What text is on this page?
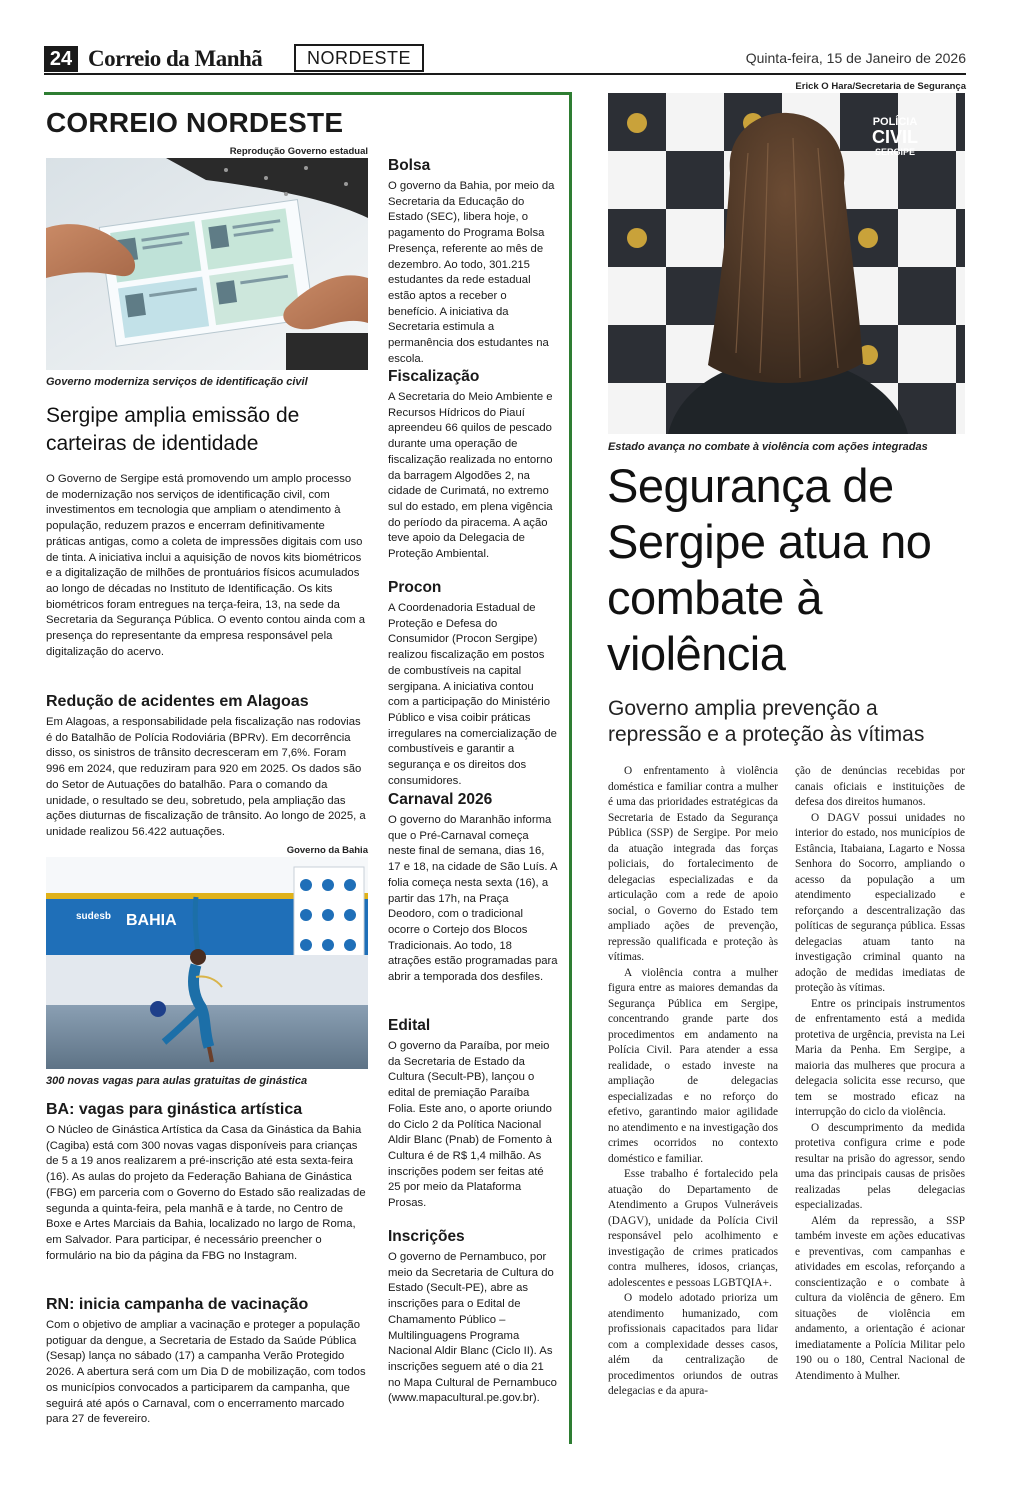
24 Correio da Manhã	NORDESTE	Quinta-feira, 15 de Janeiro de 2026
CORREIO NORDESTE
Reprodução Governo estadual
Governo moderniza serviços de identificação civil
Sergipe amplia emissão de carteiras de identidade

O Governo de Sergipe está promovendo um amplo processo de modernização nos serviços de identificação civil, com investimentos em tecnologia que ampliam o atendimento à população, reduzem prazos e encerram definitivamente práticas antigas, como a coleta de impressões digitais com uso de tinta. A iniciativa inclui a aquisição de novos kits biométricos e a digitalização de milhões de prontuários físicos acumulados ao longo de décadas no Instituto de Identificação. Os kits biométricos foram entregues na terça-feira, 13, na sede da Secretaria da Segurança Pública. O evento contou ainda com a presença do representante da empresa responsável pela digitalização do acervo.

Redução de acidentes em Alagoas

Em Alagoas, a responsabilidade pela fiscalização nas rodovias é do Batalhão de Polícia Rodoviária (BPRv). Em decorrência disso, os sinistros de trânsito decresceram em 7,6%. Foram 996 em 2024, que reduziram para 920 em 2025. Os dados são do Setor de Autuações do batalhão. Para o comando da unidade, o resultado se deu, sobretudo, pela ampliação das ações diuturnas de fiscalização de trânsito. Ao longo de 2025, a unidade realizou 56.422 autuações.

Governo da Bahia
BAHIA
sudesb
300 novas vagas para aulas gratuitas de ginástica
BA: vagas para ginástica artística

O Núcleo de Ginástica Artística da Casa da Ginástica da Bahia (Cagiba) está com 300 novas vagas disponíveis para crianças de 5 a 19 anos realizarem a pré-inscrição até esta sexta-feira (16). As aulas do projeto da Federação Bahiana de Ginástica (FBG) em parceria com o Governo do Estado são realizadas de segunda a quinta-feira, pela manhã e à tarde, no Centro de Boxe e Artes Marciais da Bahia, localizado no largo de Roma, em Salvador. Para participar, é necessário preencher o formulário na bio da página da FBG no Instagram.

RN: inicia campanha de vacinação

Com o objetivo de ampliar a vacinação e proteger a população potiguar da dengue, a Secretaria de Estado da Saúde Pública (Sesap) lança no sábado (17) a campanha Verão Protegido 2026. A abertura será com um Dia D de mobilização, com todos os municípios convocados a participarem da campanha, que seguirá até após o Carnaval, com o encerramento marcado para 27 de fevereiro.

Bolsa

O governo da Bahia, por meio da Secretaria da Educação do Estado (SEC), libera hoje, o pagamento do Programa Bolsa Presença, referente ao mês de dezembro. Ao todo, 301.215 estudantes da rede estadual estão aptos a receber o benefício. A iniciativa da Secretaria estimula a permanência dos estudantes na escola.

Fiscalização

A Secretaria do Meio Ambiente e Recursos Hídricos do Piauí apreendeu 66 quilos de pescado durante uma operação de fiscalização realizada no entorno da barragem Algodões 2, na cidade de Curimatá, no extremo sul do estado, em plena vigência do período da piracema. A ação teve apoio da Delegacia de Proteção Ambiental.

Procon

A Coordenadoria Estadual de Proteção e Defesa do Consumidor (Procon Sergipe) realizou fiscalização em postos de combustíveis na capital sergipana. A iniciativa contou com a participação do Ministério Público e visa coibir práticas irregulares na comercialização de combustíveis e garantir a segurança e os direitos dos consumidores.

Carnaval 2026

O governo do Maranhão informa que o Pré-Carnaval começa neste final de semana, dias 16, 17 e 18, na cidade de São Luís. A folia começa nesta sexta (16), a partir das 17h, na Praça Deodoro, com o tradicional ocorre o Cortejo dos Blocos Tradicionais. Ao todo, 18 atrações estão programadas para abrir a temporada dos desfiles.

Edital

O governo da Paraíba, por meio da Secretaria de Estado da Cultura (Secult-PB), lançou o edital de premiação Paraíba Folia. Este ano, o aporte oriundo do Ciclo 2 da Política Nacional Aldir Blanc (Pnab) de Fomento à Cultura é de R$ 1,4 milhão. As inscrições podem ser feitas até 25 por meio da Plataforma Prosas.

Inscrições

O governo de Pernambuco, por meio da Secretaria de Cultura do Estado (Secult-PE), abre as inscrições para o Edital de Chamamento Público – Multilinguagens Programa Nacional Aldir Blanc (Ciclo II). As inscrições seguem até o dia 21 no Mapa Cultural de Pernambuco (www.mapacultural.pe.gov.br).

Erick O Hara/Secretaria de Segurança
POLÍCIA
CIVIL
SERGIPE
Estado avança no combate à violência com ações integradas
Segurança de Sergipe atua no combate à violência
Governo amplia prevenção a repressão e a proteção às vítimas

O enfrentamento à violência doméstica e familiar contra a mulher é uma das prioridades estratégicas da Secretaria de Estado da Segurança Pública (SSP) de Sergipe. Por meio da atuação integrada das forças policiais, do fortalecimento de delegacias especializadas e da articulação com a rede de apoio social, o Governo do Estado tem ampliado ações de prevenção, repressão qualificada e proteção às vítimas.

A violência contra a mulher figura entre as maiores demandas da Segurança Pública em Sergipe, concentrando grande parte dos procedimentos em andamento na Polícia Civil. Para atender a essa realidade, o estado investe na ampliação de delegacias especializadas e no reforço do efetivo, garantindo maior agilidade no atendimento e na investigação dos crimes ocorridos no contexto doméstico e familiar.

Esse trabalho é fortalecido pela atuação do Departamento de Atendimento a Grupos Vulneráveis (DAGV), unidade da Polícia Civil responsável pelo acolhimento e investigação de crimes praticados contra mulheres, idosos, crianças, adolescentes e pessoas LGBTQIA+.

O modelo adotado prioriza um atendimento humanizado, com profissionais capacitados para lidar com a complexidade desses casos, além da centralização de procedimentos oriundos de outras delegacias e da apura-

ção de denúncias recebidas por canais oficiais e instituições de defesa dos direitos humanos.

O DAGV possui unidades no interior do estado, nos municípios de Estância, Itabaiana, Lagarto e Nossa Senhora do Socorro, ampliando o acesso da população a um atendimento especializado e reforçando a descentralização das políticas de segurança pública. Essas delegacias atuam tanto na investigação criminal quanto na adoção de medidas imediatas de proteção às vítimas.

Entre os principais instrumentos de enfrentamento está a medida protetiva de urgência, prevista na Lei Maria da Penha. Em Sergipe, a maioria das mulheres que procura a delegacia solicita esse recurso, que tem se mostrado eficaz na interrupção do ciclo da violência.

O descumprimento da medida protetiva configura crime e pode resultar na prisão do agressor, sendo uma das principais causas de prisões realizadas pelas delegacias especializadas.

Além da repressão, a SSP também investe em ações educativas e preventivas, com campanhas e atividades em escolas, reforçando a conscientização e o combate à cultura da violência de gênero. Em situações de violência em andamento, a orientação é acionar imediatamente a Polícia Militar pelo 190 ou o 180, Central Nacional de Atendimento à Mulher.
